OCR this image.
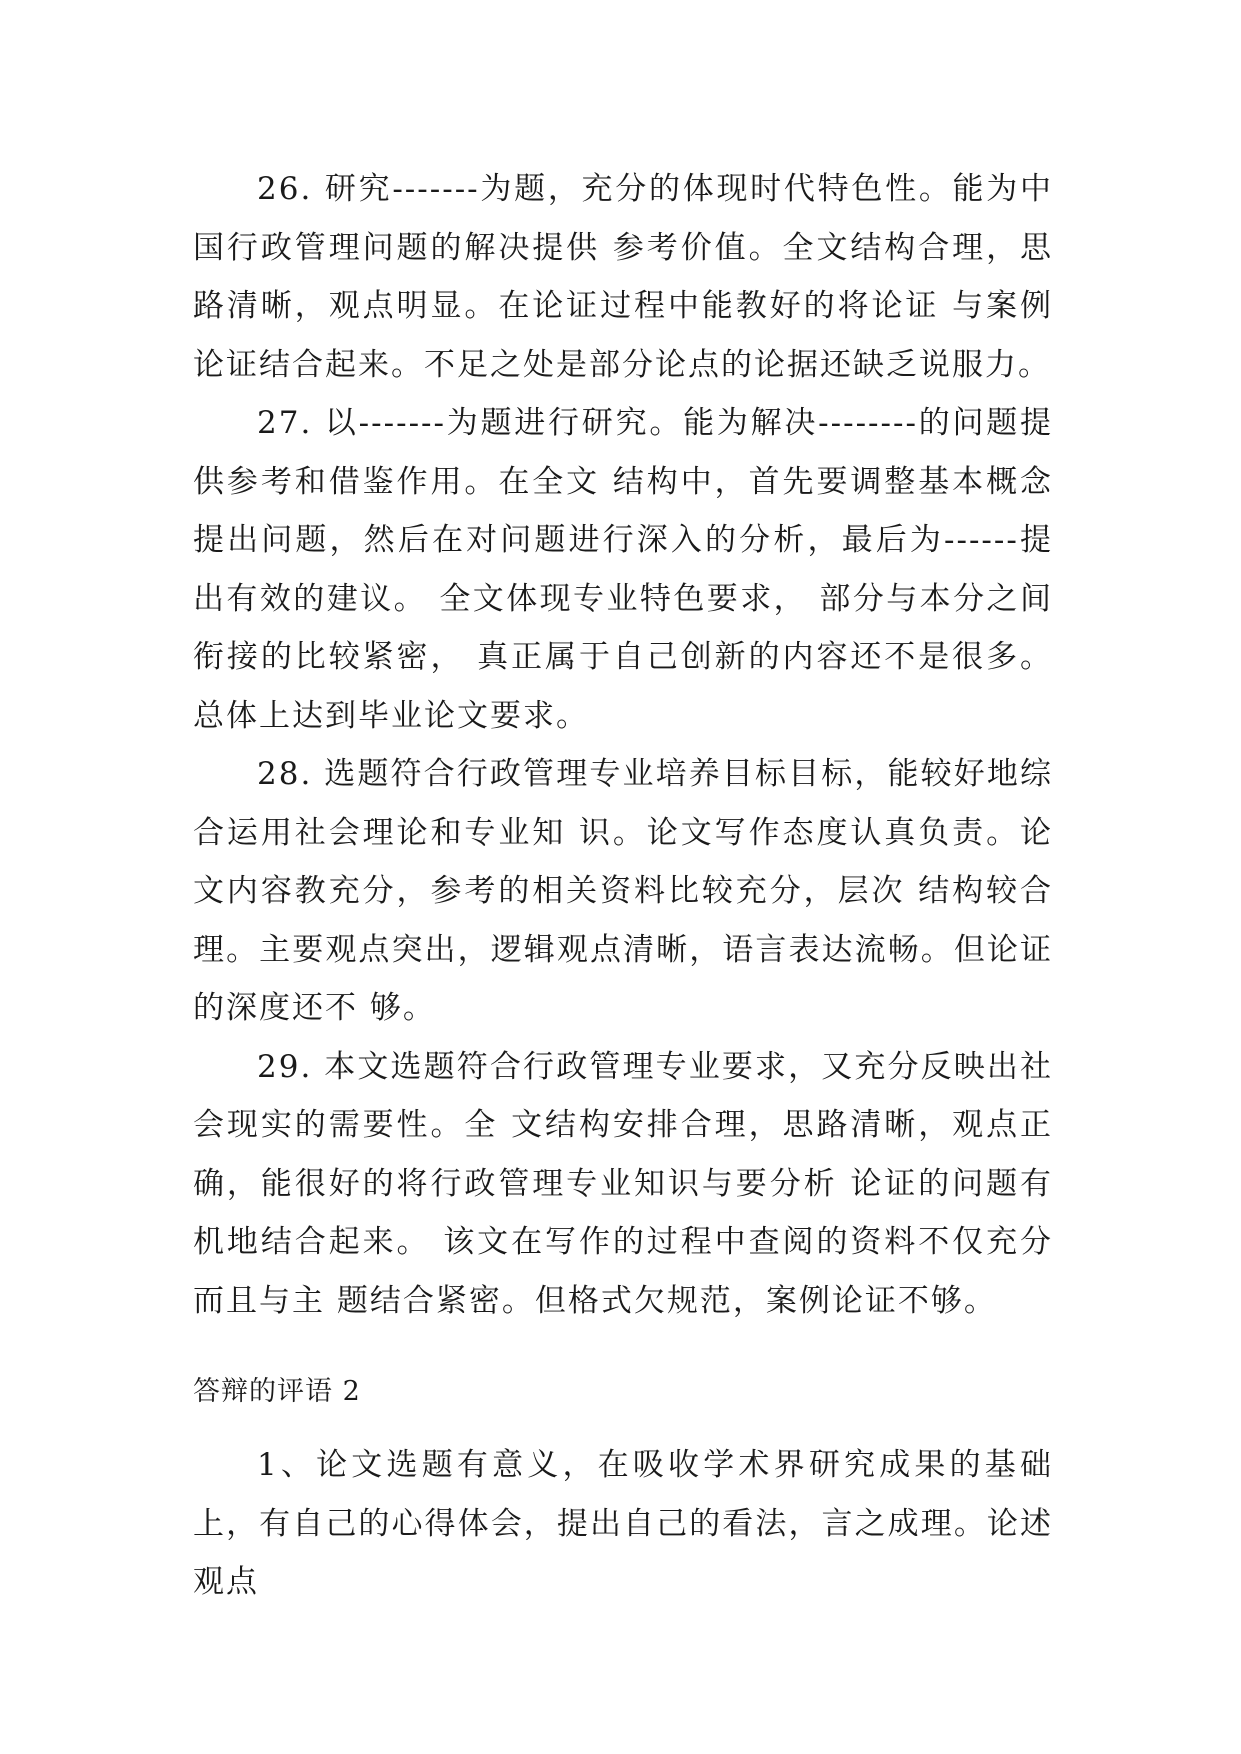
26. 研究-------为题，充分的体现时代特色性。能为中国行政管理问题的解决提供 参考价值。全文结构合理，思路清晰，观点明显。在论证过程中能教好的将论证 与案例论证结合起来。不足之处是部分论点的论据还缺乏说服力。

27. 以-------为题进行研究。能为解决--------的问题提供参考和借鉴作用。在全文 结构中，首先要调整基本概念提出问题，然后在对问题进行深入的分析，最后为------提出有效的建议。 全文体现专业特色要求， 部分与本分之间衔接的比较紧密， 真正属于自己创新的内容还不是很多。总体上达到毕业论文要求。

28. 选题符合行政管理专业培养目标目标，能较好地综合运用社会理论和专业知 识。论文写作态度认真负责。论文内容教充分，参考的相关资料比较充分，层次 结构较合理。主要观点突出，逻辑观点清晰，语言表达流畅。但论证的深度还不 够。

29. 本文选题符合行政管理专业要求，又充分反映出社会现实的需要性。全 文结构安排合理，思路清晰，观点正确，能很好的将行政管理专业知识与要分析 论证的问题有机地结合起来。 该文在写作的过程中查阅的资料不仅充分而且与主 题结合紧密。但格式欠规范，案例论证不够。

答辩的评语 2

1、论文选题有意义，在吸收学术界研究成果的基础上，有自己的心得体会，提出自己的看法，言之成理。论述观点
